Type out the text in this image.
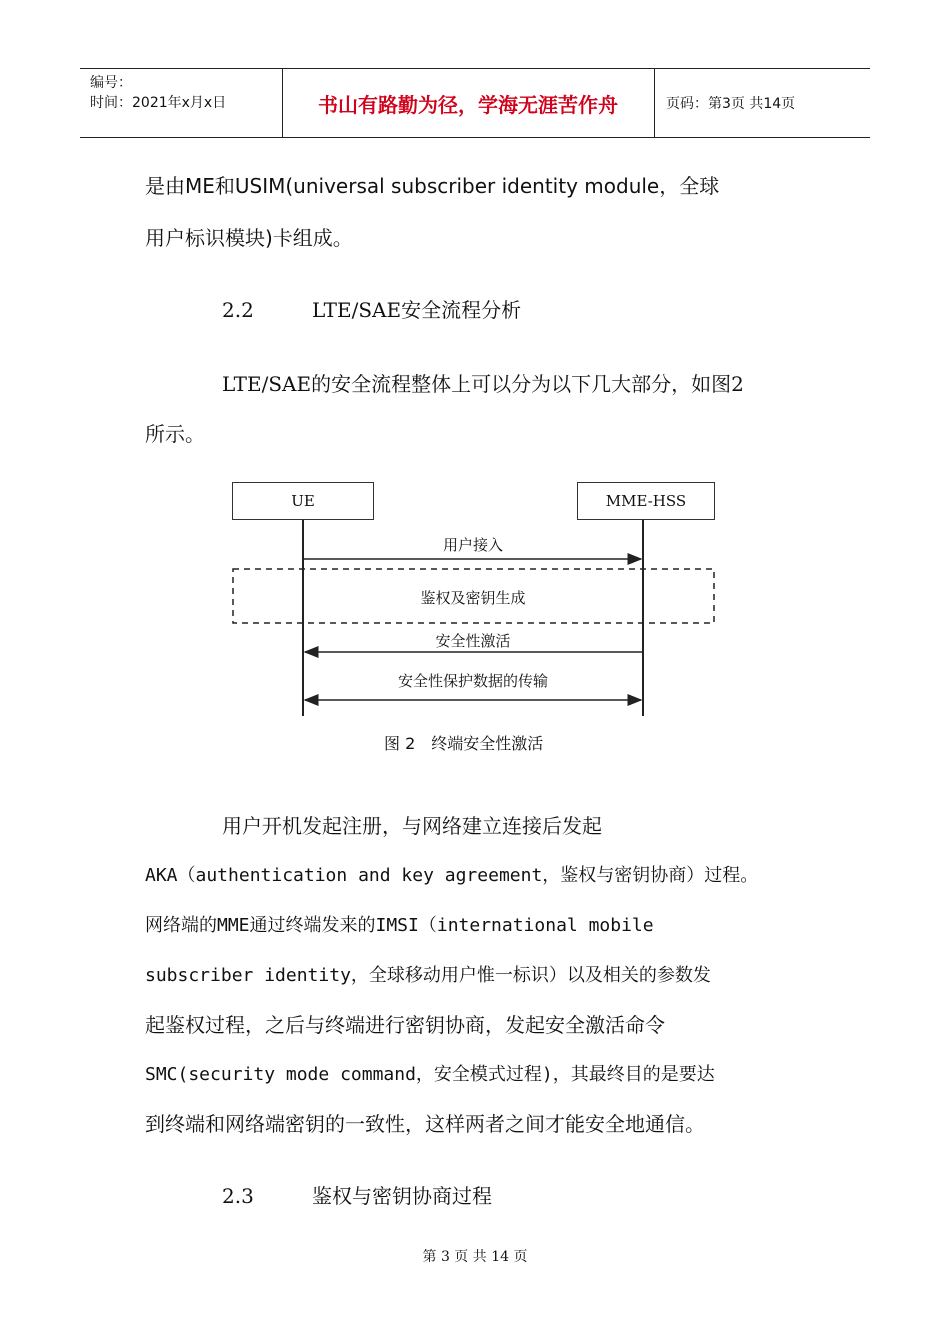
编号：
时间：2021年x月x日	书山有路勤为径，学海无涯苦作舟	页码：第3页 共14页
是由ME和USIM(universal subscriber identity module，全球
用户标识模块)卡组成。
2.2	LTE/SAE安全流程分析
LTE/SAE的安全流程整体上可以分为以下几大部分，如图2
所示。
UE	MME-HSS
用户接入
鉴权及密钥生成
安全性激活
安全性保护数据的传输
图 2　终端安全性激活
用户开机发起注册，与网络建立连接后发起
AKA（authentication and key agreement，鉴权与密钥协商）过程。
网络端的MME通过终端发来的IMSI（international mobile
subscriber identity，全球移动用户惟一标识）以及相关的参数发
起鉴权过程，之后与终端进行密钥协商，发起安全激活命令
SMC(security mode command，安全模式过程)，其最终目的是要达
到终端和网络端密钥的一致性，这样两者之间才能安全地通信。
2.3	鉴权与密钥协商过程
第 3 页 共 14 页
